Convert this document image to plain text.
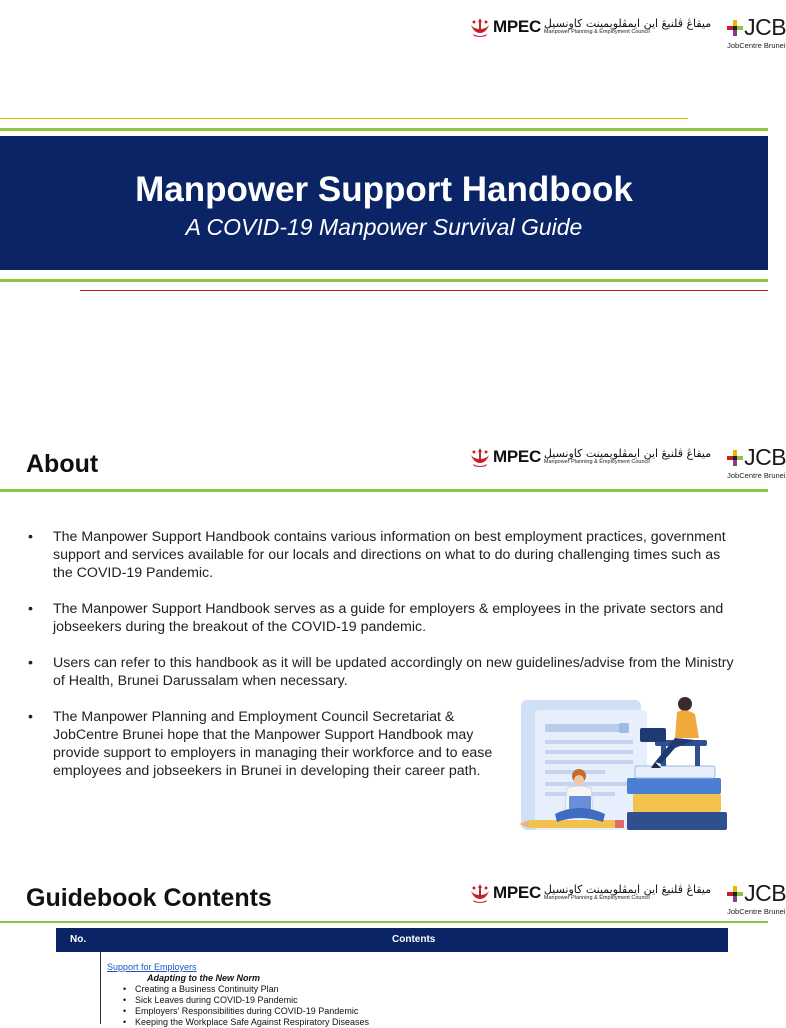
MPEC ميقاڠ ڤلنيڠ اين ايمڤلويمينت كاونسيل
Manpower Planning & Employment Council	JCB
JobCentre Brunei
Manpower Support Handbook
A COVID-19 Manpower Survival Guide
About	MPEC ميقاڠ ڤلنيڠ اين ايمڤلويمينت كاونسيل
Manpower Planning & Employment Council	JCB
JobCentre Brunei
• The Manpower Support Handbook contains various information on best employment practices, government support and services available for our locals and directions on what to do during challenging times such as the COVID-19 Pandemic.
• The Manpower Support Handbook serves as a guide for employers & employees in the private sectors and jobseekers during the breakout of the COVID-19 pandemic.
• Users can refer to this handbook as it will be updated accordingly on new guidelines/advise from the Ministry of Health, Brunei Darussalam when necessary.
• The Manpower Planning and Employment Council Secretariat & JobCentre Brunei hope that the Manpower Support Handbook may provide support to employers in managing their workforce and to ease employees and jobseekers in Brunei in developing their career path.
Guidebook Contents	MPEC ميقاڠ ڤلنيڠ اين ايمڤلويمينت كاونسيل
Manpower Planning & Employment Council	JCB
JobCentre Brunei
No.	Contents
Support for Employers
Adapting to the New Norm
• Creating a Business Continuity Plan
• Sick Leaves during COVID-19 Pandemic
• Employers' Responsibilities during COVID-19 Pandemic
• Keeping the Workplace Safe Against Respiratory Diseases
